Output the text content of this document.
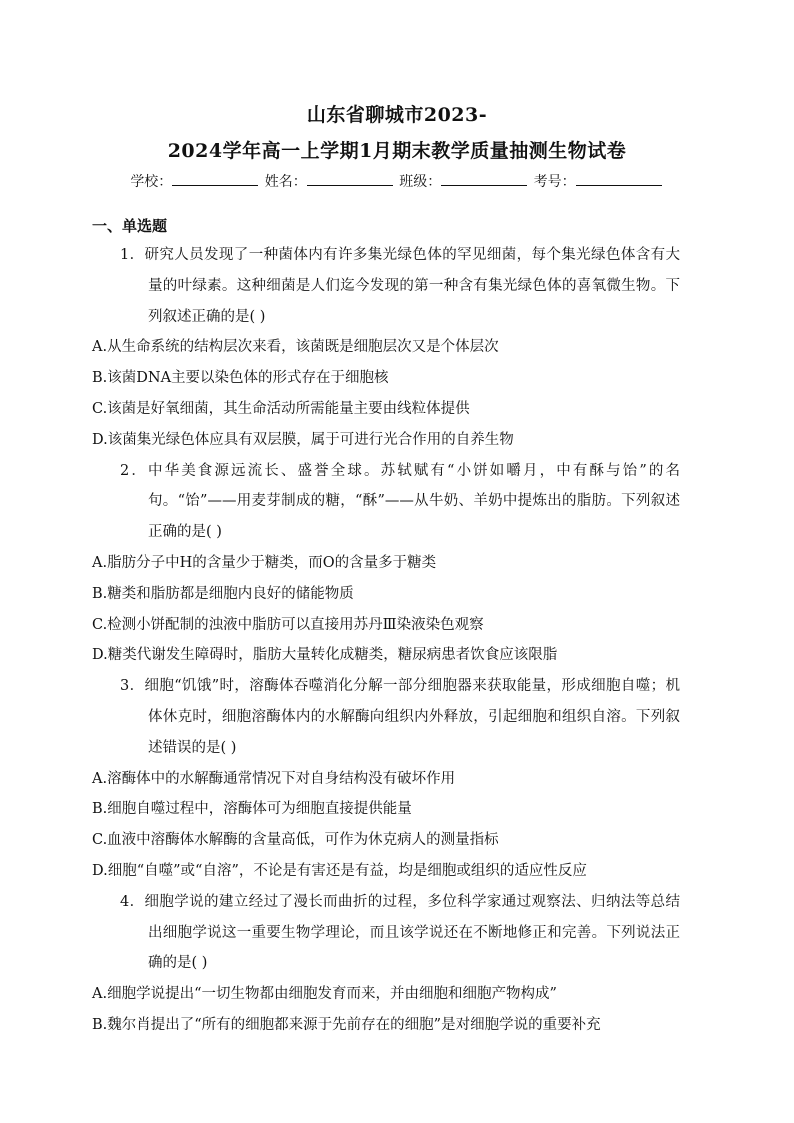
山东省聊城市2023-
2024学年高一上学期1月期末教学质量抽测生物试卷
学校：	姓名：	班级：	考号：
一、单选题

1．研究人员发现了一种菌体内有许多集光绿色体的罕见细菌，每个集光绿色体含有大量的叶绿素。这种细菌是人们迄今发现的第一种含有集光绿色体的喜氧微生物。下列叙述正确的是( )

A.从生命系统的结构层次来看，该菌既是细胞层次又是个体层次

B.该菌DNA主要以染色体的形式存在于细胞核

C.该菌是好氧细菌，其生命活动所需能量主要由线粒体提供

D.该菌集光绿色体应具有双层膜，属于可进行光合作用的自养生物

2．中华美食源远流长、盛誉全球。苏轼赋有“小饼如嚼月，中有酥与饴”的名句。“饴”——用麦芽制成的糖，“酥”——从牛奶、羊奶中提炼出的脂肪。下列叙述正确的是( )

A.脂肪分子中H的含量少于糖类，而O的含量多于糖类

B.糖类和脂肪都是细胞内良好的储能物质

C.检测小饼配制的浊液中脂肪可以直接用苏丹Ⅲ染液染色观察

D.糖类代谢发生障碍时，脂肪大量转化成糖类，糖尿病患者饮食应该限脂

3．细胞“饥饿”时，溶酶体吞噬消化分解一部分细胞器来获取能量，形成细胞自噬；机体休克时，细胞溶酶体内的水解酶向组织内外释放，引起细胞和组织自溶。下列叙述错误的是( )

A.溶酶体中的水解酶通常情况下对自身结构没有破坏作用

B.细胞自噬过程中，溶酶体可为细胞直接提供能量

C.血液中溶酶体水解酶的含量高低，可作为休克病人的测量指标

D.细胞“自噬”或“自溶”，不论是有害还是有益，均是细胞或组织的适应性反应

4．细胞学说的建立经过了漫长而曲折的过程，多位科学家通过观察法、归纳法等总结出细胞学说这一重要生物学理论，而且该学说还在不断地修正和完善。下列说法正确的是( )

A.细胞学说提出“一切生物都由细胞发育而来，并由细胞和细胞产物构成”

B.魏尔肖提出了“所有的细胞都来源于先前存在的细胞”是对细胞学说的重要补充
